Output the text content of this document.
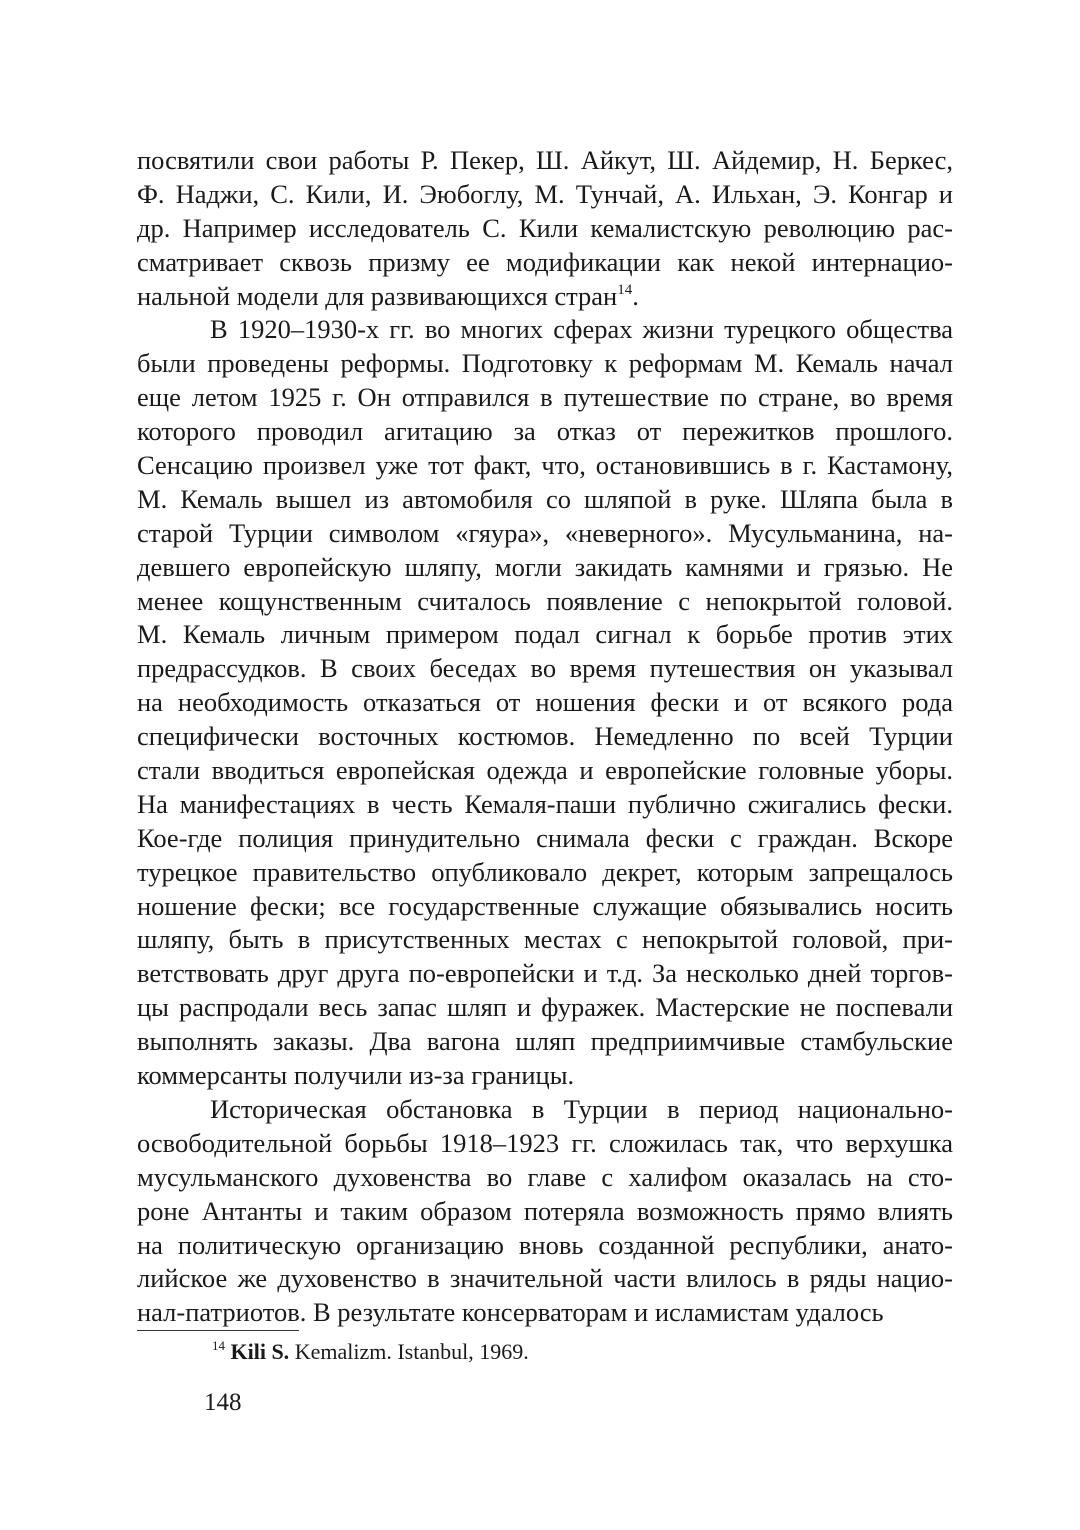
посвятили свои работы Р. Пекер, Ш. Айкут, Ш. Айдемир, Н. Беркес,
Ф. Наджи, С. Кили, И. Эюбоглу, М. Тунчай, А. Ильхан, Э. Конгар и
др. Например исследователь С. Кили кемалистскую революцию рас-
сматривает сквозь призму ее модификации как некой интернацио-
нальной модели для развивающихся стран$^{14}$.
В 1920–1930-х гг. во многих сферах жизни турецкого общества
были проведены реформы. Подготовку к реформам М. Кемаль начал
еще летом 1925 г. Он отправился в путешествие по стране, во время
которого проводил агитацию за отказ от пережитков прошлого.
Сенсацию произвел уже тот факт, что, остановившись в г. Кастамону,
М. Кемаль вышел из автомобиля со шляпой в руке. Шляпа была в
старой Турции символом «гяура», «неверного». Мусульманина, на-
девшего европейскую шляпу, могли закидать камнями и грязью. Не
менее кощунственным считалось появление с непокрытой головой.
М. Кемаль личным примером подал сигнал к борьбе против этих
предрассудков. В своих беседах во время путешествия он указывал
на необходимость отказаться от ношения фески и от всякого рода
специфически восточных костюмов. Немедленно по всей Турции
стали вводиться европейская одежда и европейские головные уборы.
На манифестациях в честь Кемаля-паши публично сжигались фески.
Кое-где полиция принудительно снимала фески с граждан. Вскоре
турецкое правительство опубликовало декрет, которым запрещалось
ношение фески; все государственные служащие обязывались носить
шляпу, быть в присутственных местах с непокрытой головой, при-
ветствовать друг друга по-европейски и т.д. За несколько дней торгов-
цы распродали весь запас шляп и фуражек. Мастерские не поспевали
выполнять заказы. Два вагона шляп предприимчивые стамбульские
коммерсанты получили из-за границы.
Историческая обстановка в Турции в период национально-
освободительной борьбы 1918–1923 гг. сложилась так, что верхушка
мусульманского духовенства во главе с халифом оказалась на сто-
роне Антанты и таким образом потеряла возможность прямо влиять
на политическую организацию вновь созданной республики, анато-
лийское же духовенство в значительной части влилось в ряды нацио-
нал-патриотов. В результате консерваторам и исламистам удалось
$^{14}$ Kili S. Kemalizm. Istanbul, 1969.
148
